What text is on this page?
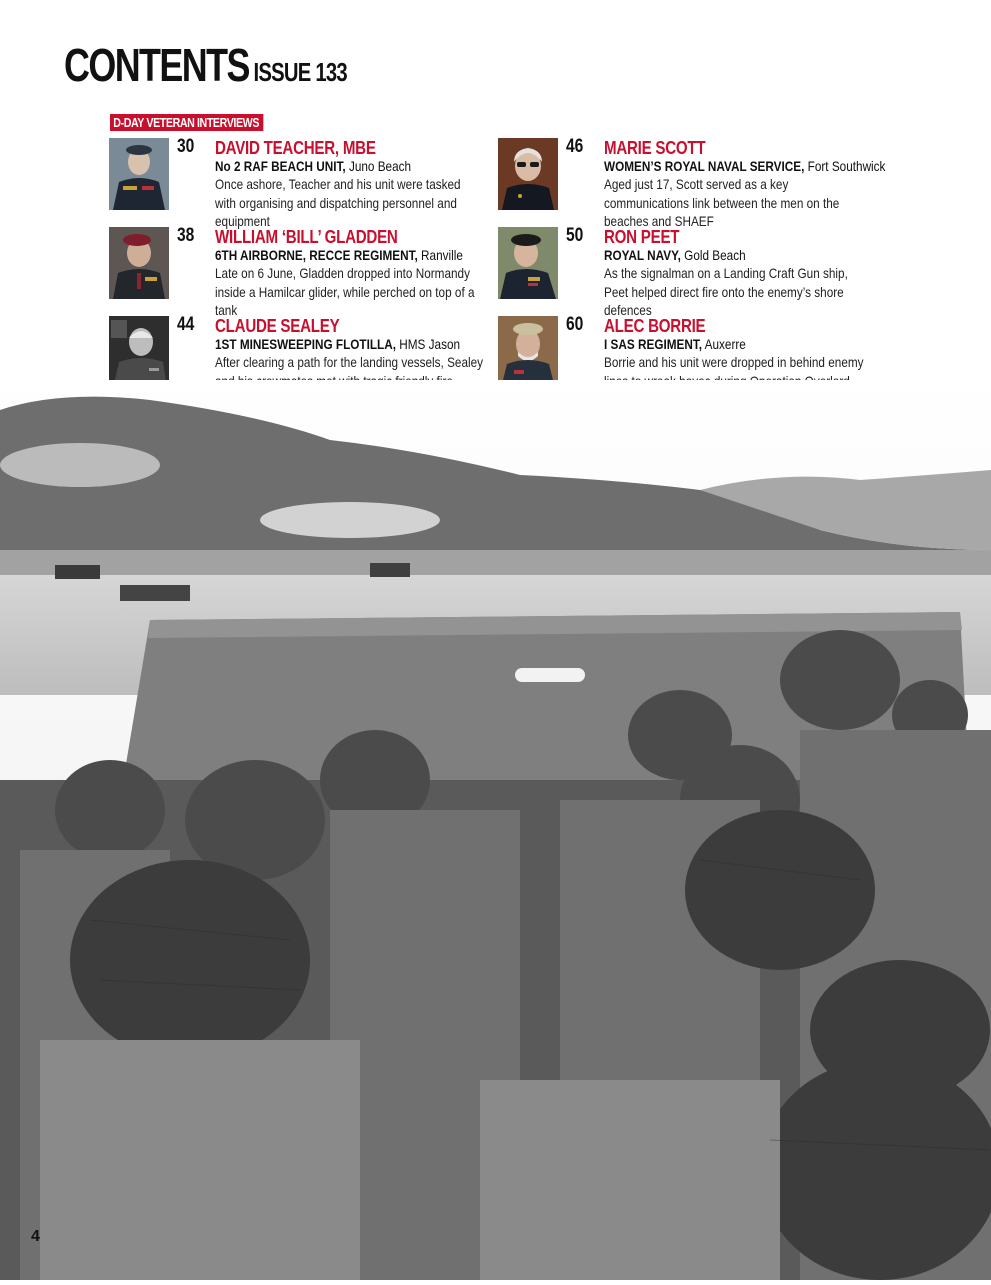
CONTENTS ISSUE 133
D-DAY VETERAN INTERVIEWS
30 DAVID TEACHER, MBE
No 2 RAF BEACH UNIT, Juno Beach
Once ashore, Teacher and his unit were tasked with organising and dispatching personnel and equipment
38 WILLIAM ‘BILL’ GLADDEN
6TH AIRBORNE, RECCE REGIMENT, Ranville
Late on 6 June, Gladden dropped into Normandy inside a Hamilcar glider, while perched on top of a tank
44 CLAUDE SEALEY
1ST MINESWEEPING FLOTILLA, HMS Jason
After clearing a path for the landing vessels, Sealey
46 MARIE SCOTT
WOMEN’S ROYAL NAVAL SERVICE, Fort Southwick
Aged just 17, Scott served as a key communications link between the men on the beaches and SHAEF
50 RON PEET
ROYAL NAVY, Gold Beach
As the signalman on a Landing Craft Gun ship, Peet helped direct fire onto the enemy’s shore defences
60 ALEC BORRIE
I SAS REGIMENT, Auxerre
Borrie and his unit were dropped in behind enemy
4
